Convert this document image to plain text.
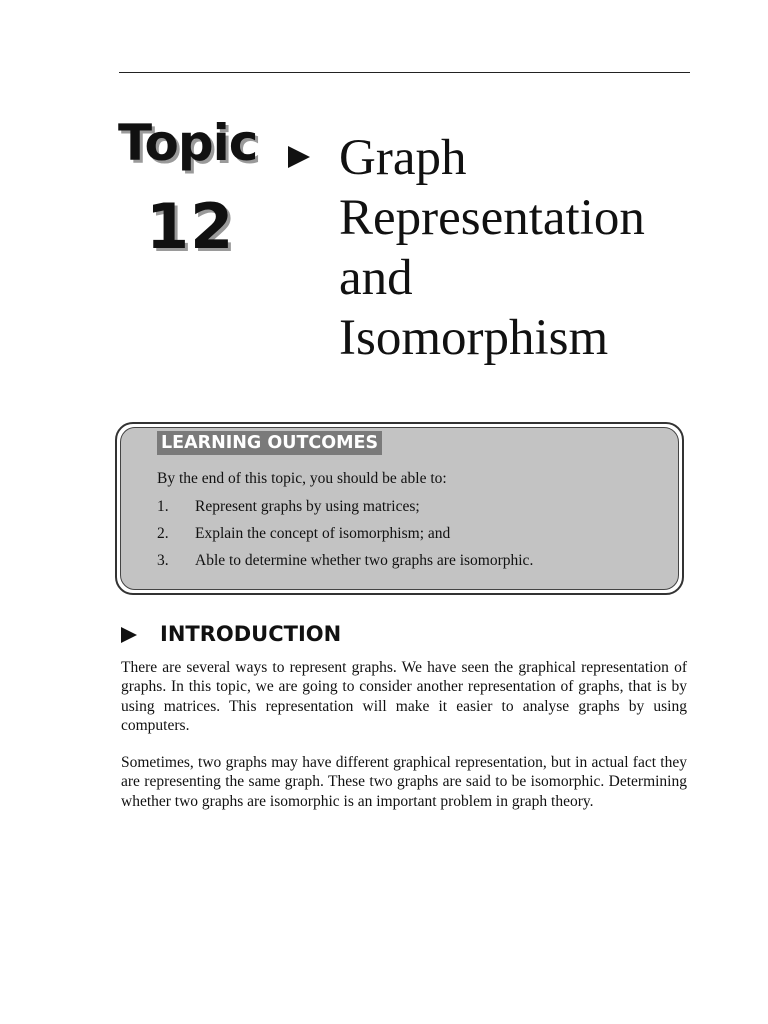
Topic
12
Graph
Representation
and
Isomorphism
LEARNING OUTCOMES
By the end of this topic, you should be able to:
1. Represent graphs by using matrices;
2. Explain the concept of isomorphism; and
3. Able to determine whether two graphs are isomorphic.
INTRODUCTION

There are several ways to represent graphs. We have seen the graphical representation of graphs. In this topic, we are going to consider another representation of graphs, that is by using matrices. This representation will make it easier to analyse graphs by using computers.

Sometimes, two graphs may have different graphical representation, but in actual fact they are representing the same graph. These two graphs are said to be isomorphic. Determining whether two graphs are isomorphic is an important problem in graph theory.
